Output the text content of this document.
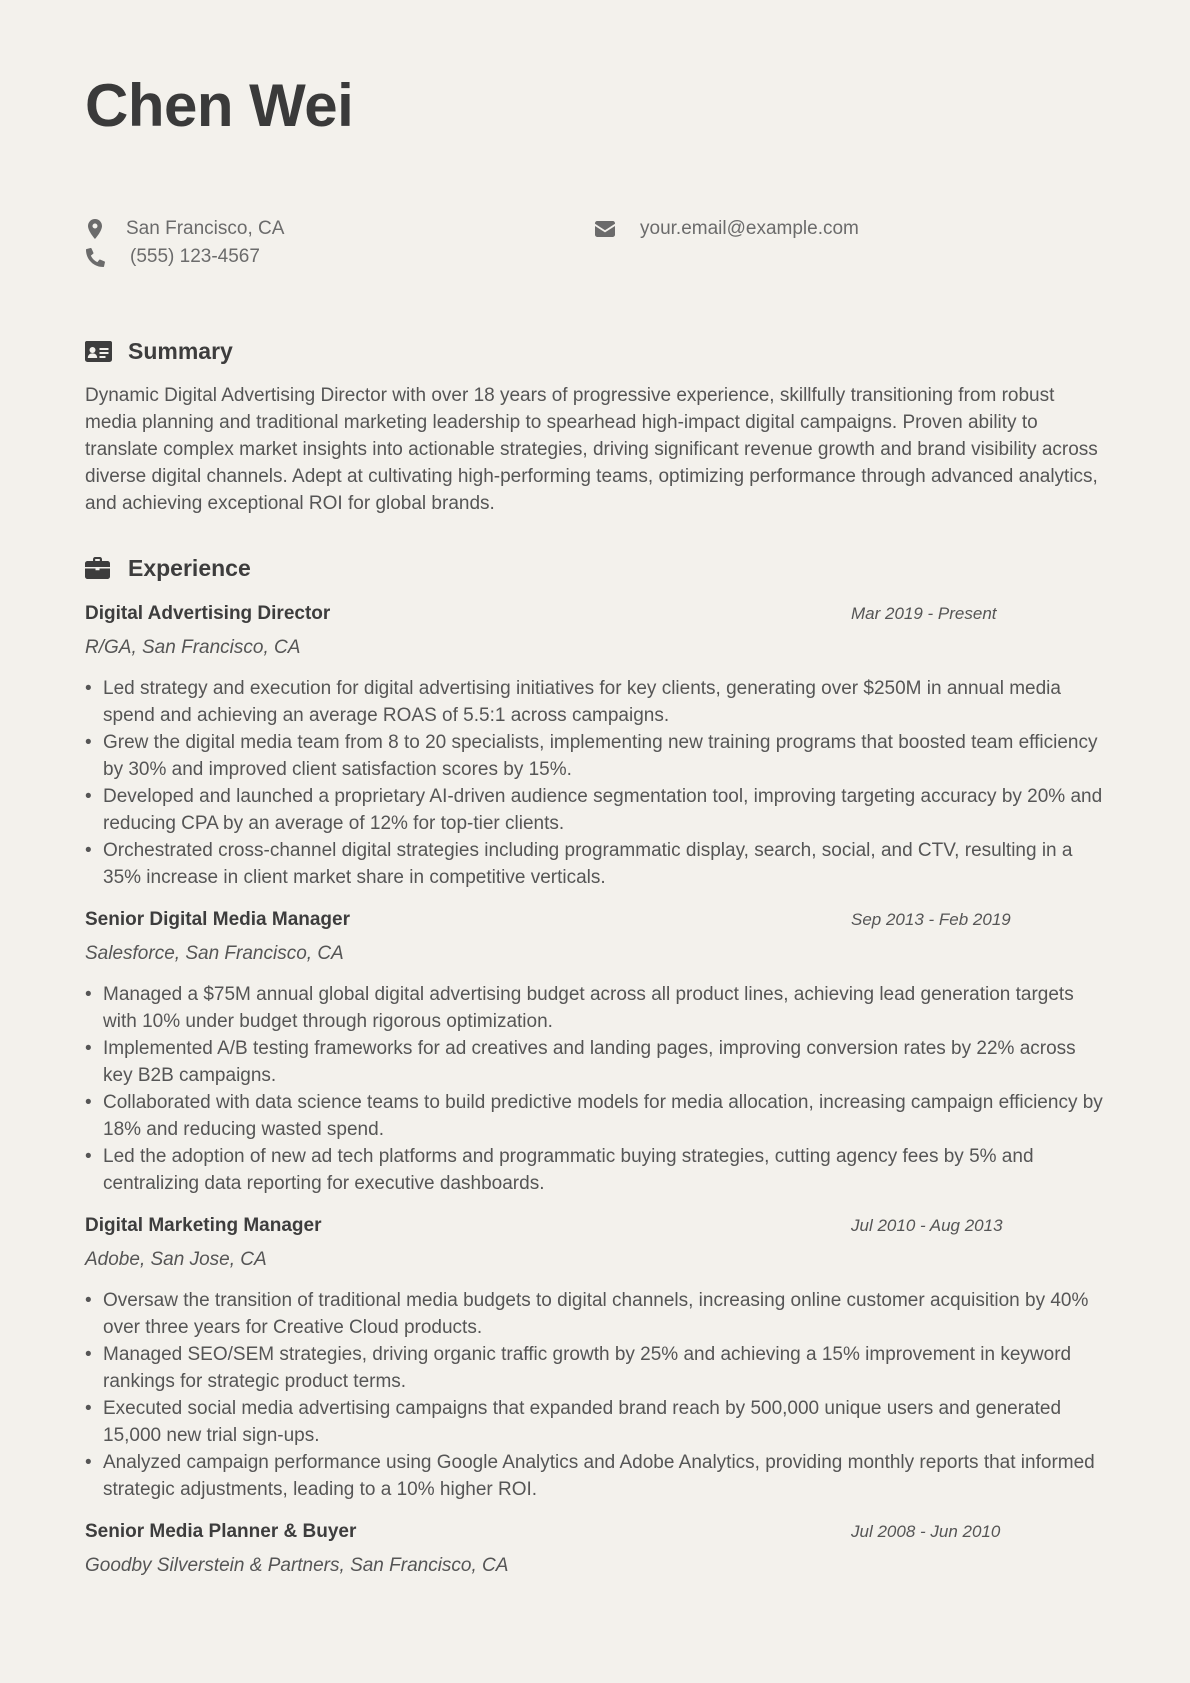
Chen Wei
San Francisco, CA
(555) 123-4567
your.email@example.com
Summary

Dynamic Digital Advertising Director with over 18 years of progressive experience, skillfully transitioning from robust media planning and traditional marketing leadership to spearhead high-impact digital campaigns. Proven ability to translate complex market insights into actionable strategies, driving significant revenue growth and brand visibility across diverse digital channels. Adept at cultivating high-performing teams, optimizing performance through advanced analytics, and achieving exceptional ROI for global brands.

Experience
Digital Advertising Director	Mar 2019 - Present
R/GA, San Francisco, CA
• Led strategy and execution for digital advertising initiatives for key clients, generating over $250M in annual media spend and achieving an average ROAS of 5.5:1 across campaigns.
• Grew the digital media team from 8 to 20 specialists, implementing new training programs that boosted team efficiency by 30% and improved client satisfaction scores by 15%.
• Developed and launched a proprietary AI-driven audience segmentation tool, improving targeting accuracy by 20% and reducing CPA by an average of 12% for top-tier clients.
• Orchestrated cross-channel digital strategies including programmatic display, search, social, and CTV, resulting in a 35% increase in client market share in competitive verticals.
Senior Digital Media Manager	Sep 2013 - Feb 2019
Salesforce, San Francisco, CA
• Managed a $75M annual global digital advertising budget across all product lines, achieving lead generation targets with 10% under budget through rigorous optimization.
• Implemented A/B testing frameworks for ad creatives and landing pages, improving conversion rates by 22% across key B2B campaigns.
• Collaborated with data science teams to build predictive models for media allocation, increasing campaign efficiency by 18% and reducing wasted spend.
• Led the adoption of new ad tech platforms and programmatic buying strategies, cutting agency fees by 5% and centralizing data reporting for executive dashboards.
Digital Marketing Manager	Jul 2010 - Aug 2013
Adobe, San Jose, CA
• Oversaw the transition of traditional media budgets to digital channels, increasing online customer acquisition by 40% over three years for Creative Cloud products.
• Managed SEO/SEM strategies, driving organic traffic growth by 25% and achieving a 15% improvement in keyword rankings for strategic product terms.
• Executed social media advertising campaigns that expanded brand reach by 500,000 unique users and generated 15,000 new trial sign-ups.
• Analyzed campaign performance using Google Analytics and Adobe Analytics, providing monthly reports that informed strategic adjustments, leading to a 10% higher ROI.
Senior Media Planner & Buyer	Jul 2008 - Jun 2010
Goodby Silverstein & Partners, San Francisco, CA
